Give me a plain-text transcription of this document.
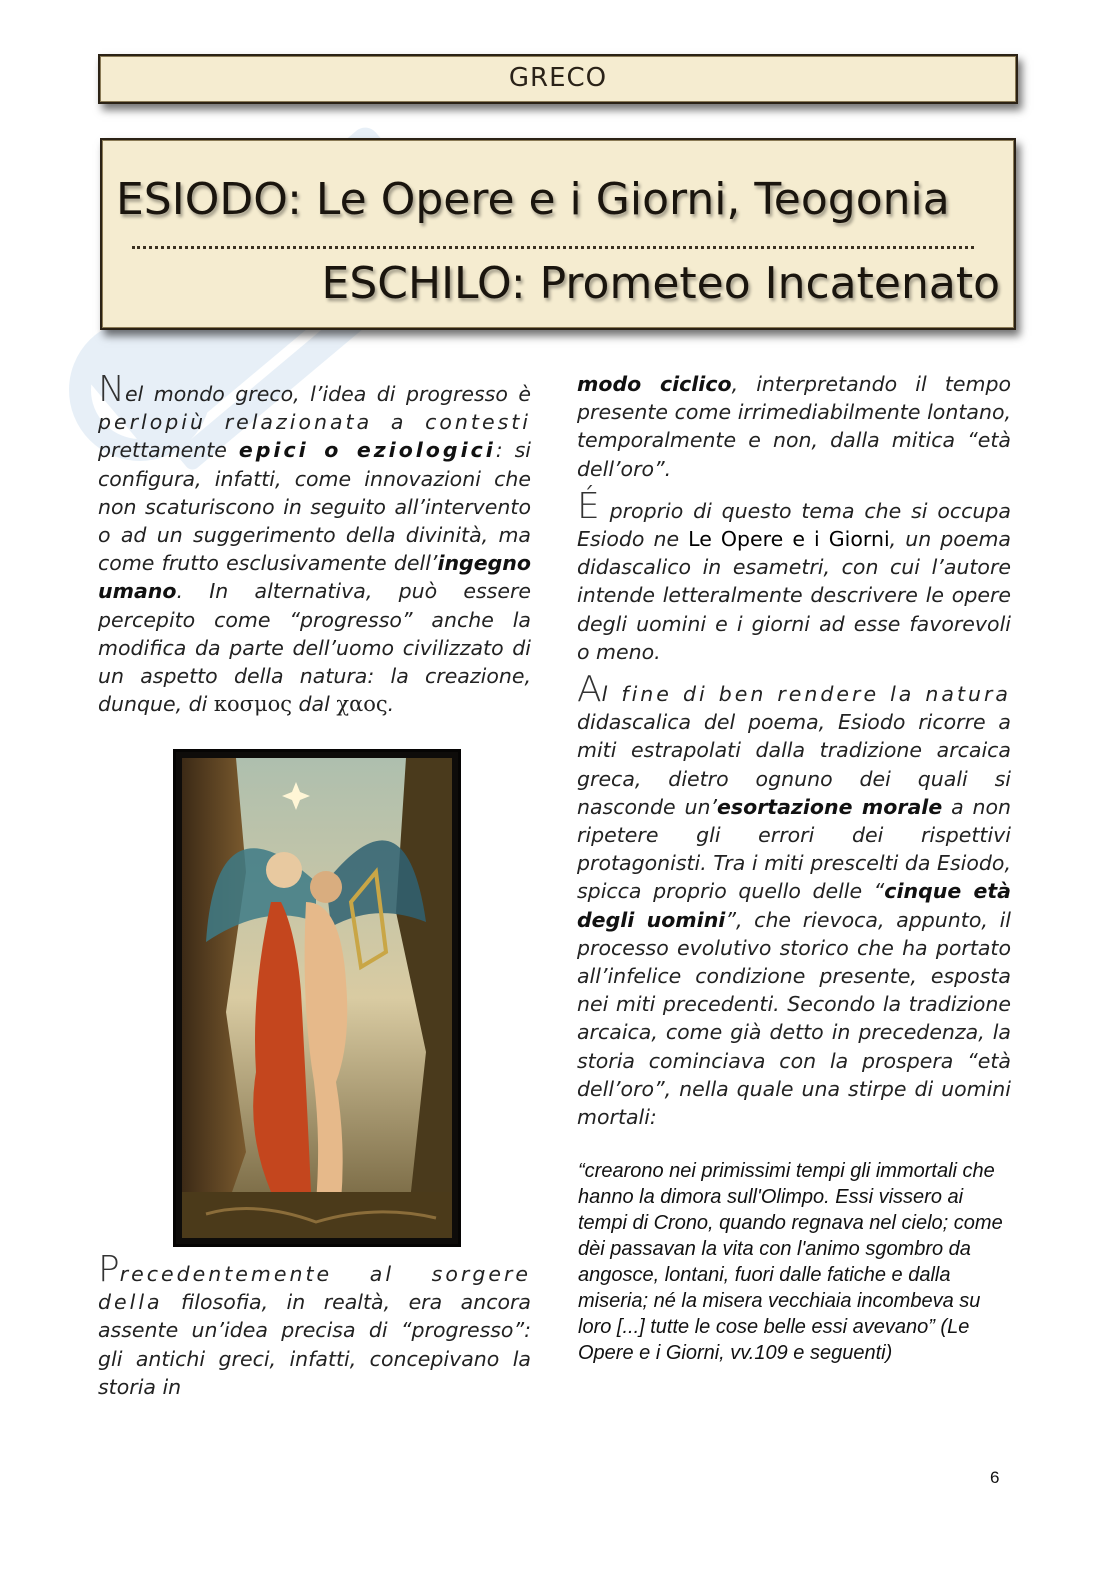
GRECO
ESIODO: Le Opere e i Giorni, Teogonia
ESCHILO: Prometeo Incatenato

Nel mondo greco, l’idea di progresso è perlopiù relazionata a contesti prettamente epici o eziologici: si configura, infatti, come innovazioni che non scaturiscono in seguito all’intervento o ad un suggerimento della divinità, ma come frutto esclusivamente dell’ingegno umano. In alternativa, può essere percepito come “progresso” anche la modifica da parte dell’uomo civilizzato di un aspetto della natura: la creazione, dunque, di κοσμος dal χαος.

Precedentemente al sorgere della filosofia, in realtà, era ancora assente un’idea precisa di “progresso”: gli antichi greci, infatti, concepivano la storia in

modo ciclico, interpretando il tempo presente come irrimediabilmente lontano, temporalmente e non, dalla mitica “età dell’oro”.

É proprio di questo tema che si occupa Esiodo ne Le Opere e i Giorni, un poema didascalico in esametri, con cui l’autore intende letteralmente descrivere le opere degli uomini e i giorni ad esse favorevoli o meno.

Al fine di ben rendere la natura didascalica del poema, Esiodo ricorre a miti estrapolati dalla tradizione arcaica greca, dietro ognuno dei quali si nasconde un’esortazione morale a non ripetere gli errori dei rispettivi protagonisti. Tra i miti prescelti da Esiodo, spicca proprio quello delle “cinque età degli uomini”, che rievoca, appunto, il processo evolutivo storico che ha portato all’infelice condizione presente, esposta nei miti precedenti. Secondo la tradizione arcaica, come già detto in precedenza, la storia cominciava con la prospera “età dell’oro”, nella quale una stirpe di uomini mortali:

“crearono nei primissimi tempi gli immortali che hanno la dimora sull'Olimpo. Essi vissero ai tempi di Crono, quando regnava nel cielo; come dèi passavan la vita con l'animo sgombro da angosce, lontani, fuori dalle fatiche e dalla miseria; né la misera vecchiaia incombeva su loro [...] tutte le cose belle essi avevano” (Le Opere e i Giorni, vv.109 e seguenti)
6
